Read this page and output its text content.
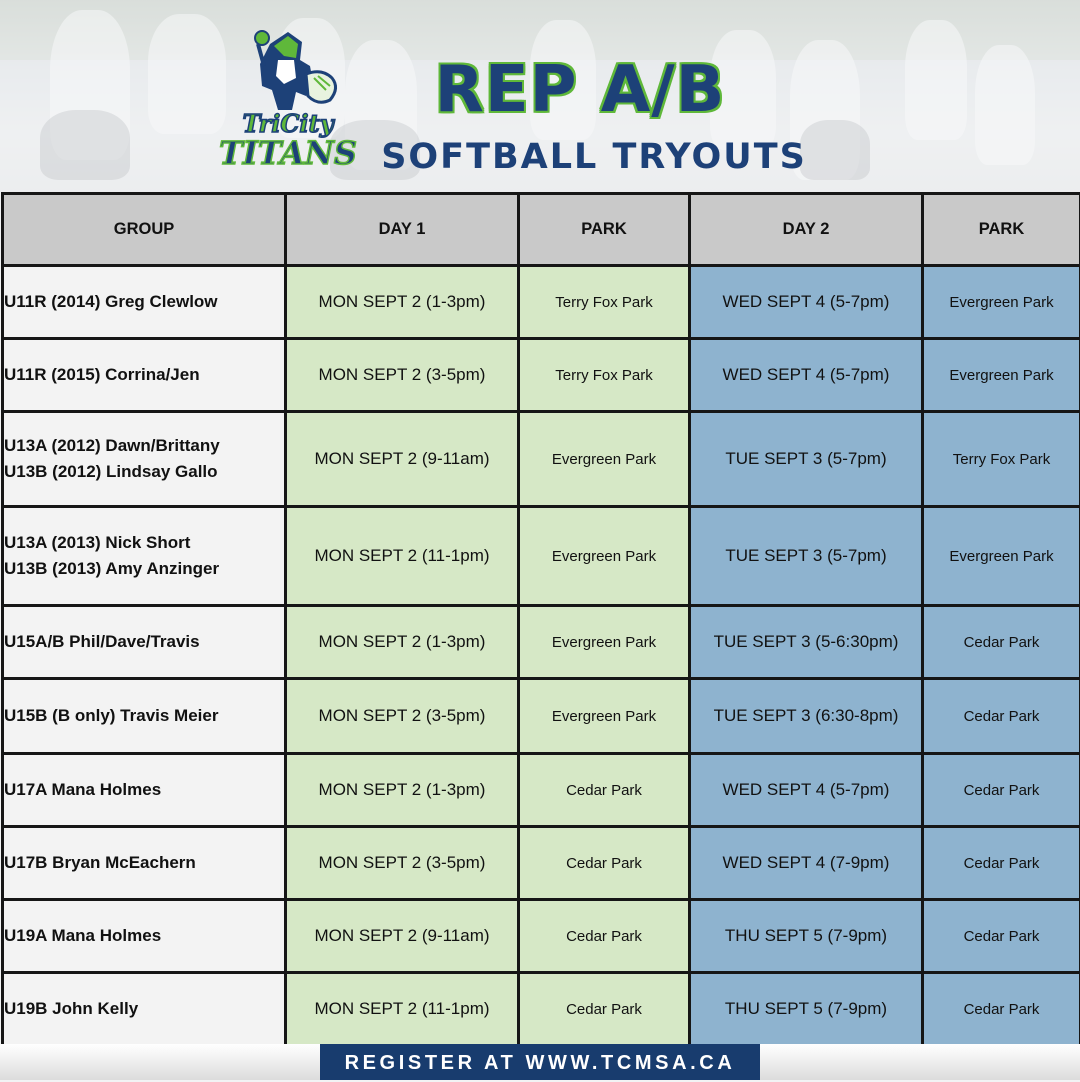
TriCity
TITANS
REP A/B
SOFTBALL TRYOUTS
GROUP	DAY 1	PARK	DAY 2	PARK

U11R (2014) Greg Clewlow	MON SEPT 2 (1-3pm)	Terry Fox Park	WED SEPT 4 (5-7pm)	Evergreen Park

U11R (2015) Corrina/Jen	MON SEPT 2 (3-5pm)	Terry Fox Park	WED SEPT 4 (5-7pm)	Evergreen Park

U13A (2012) Dawn/Brittany
U13B (2012) Lindsay Gallo	MON SEPT 2 (9-11am)	Evergreen Park	TUE SEPT 3 (5-7pm)	Terry Fox Park

U13A (2013) Nick Short
U13B (2013) Amy Anzinger	MON SEPT 2 (11-1pm)	Evergreen Park	TUE SEPT 3 (5-7pm)	Evergreen Park

U15A/B Phil/Dave/Travis	MON SEPT 2 (1-3pm)	Evergreen Park	TUE SEPT 3 (5-6:30pm)	Cedar Park

U15B (B only) Travis Meier	MON SEPT 2 (3-5pm)	Evergreen Park	TUE SEPT 3 (6:30-8pm)	Cedar Park

U17A Mana Holmes	MON SEPT 2 (1-3pm)	Cedar Park	WED SEPT 4 (5-7pm)	Cedar Park

U17B Bryan McEachern	MON SEPT 2 (3-5pm)	Cedar Park	WED SEPT 4 (7-9pm)	Cedar Park

U19A Mana Holmes	MON SEPT 2 (9-11am)	Cedar Park	THU SEPT 5 (7-9pm)	Cedar Park

U19B John Kelly	MON SEPT 2 (11-1pm)	Cedar Park	THU SEPT 5 (7-9pm)	Cedar Park
REGISTER AT WWW.TCMSA.CA
